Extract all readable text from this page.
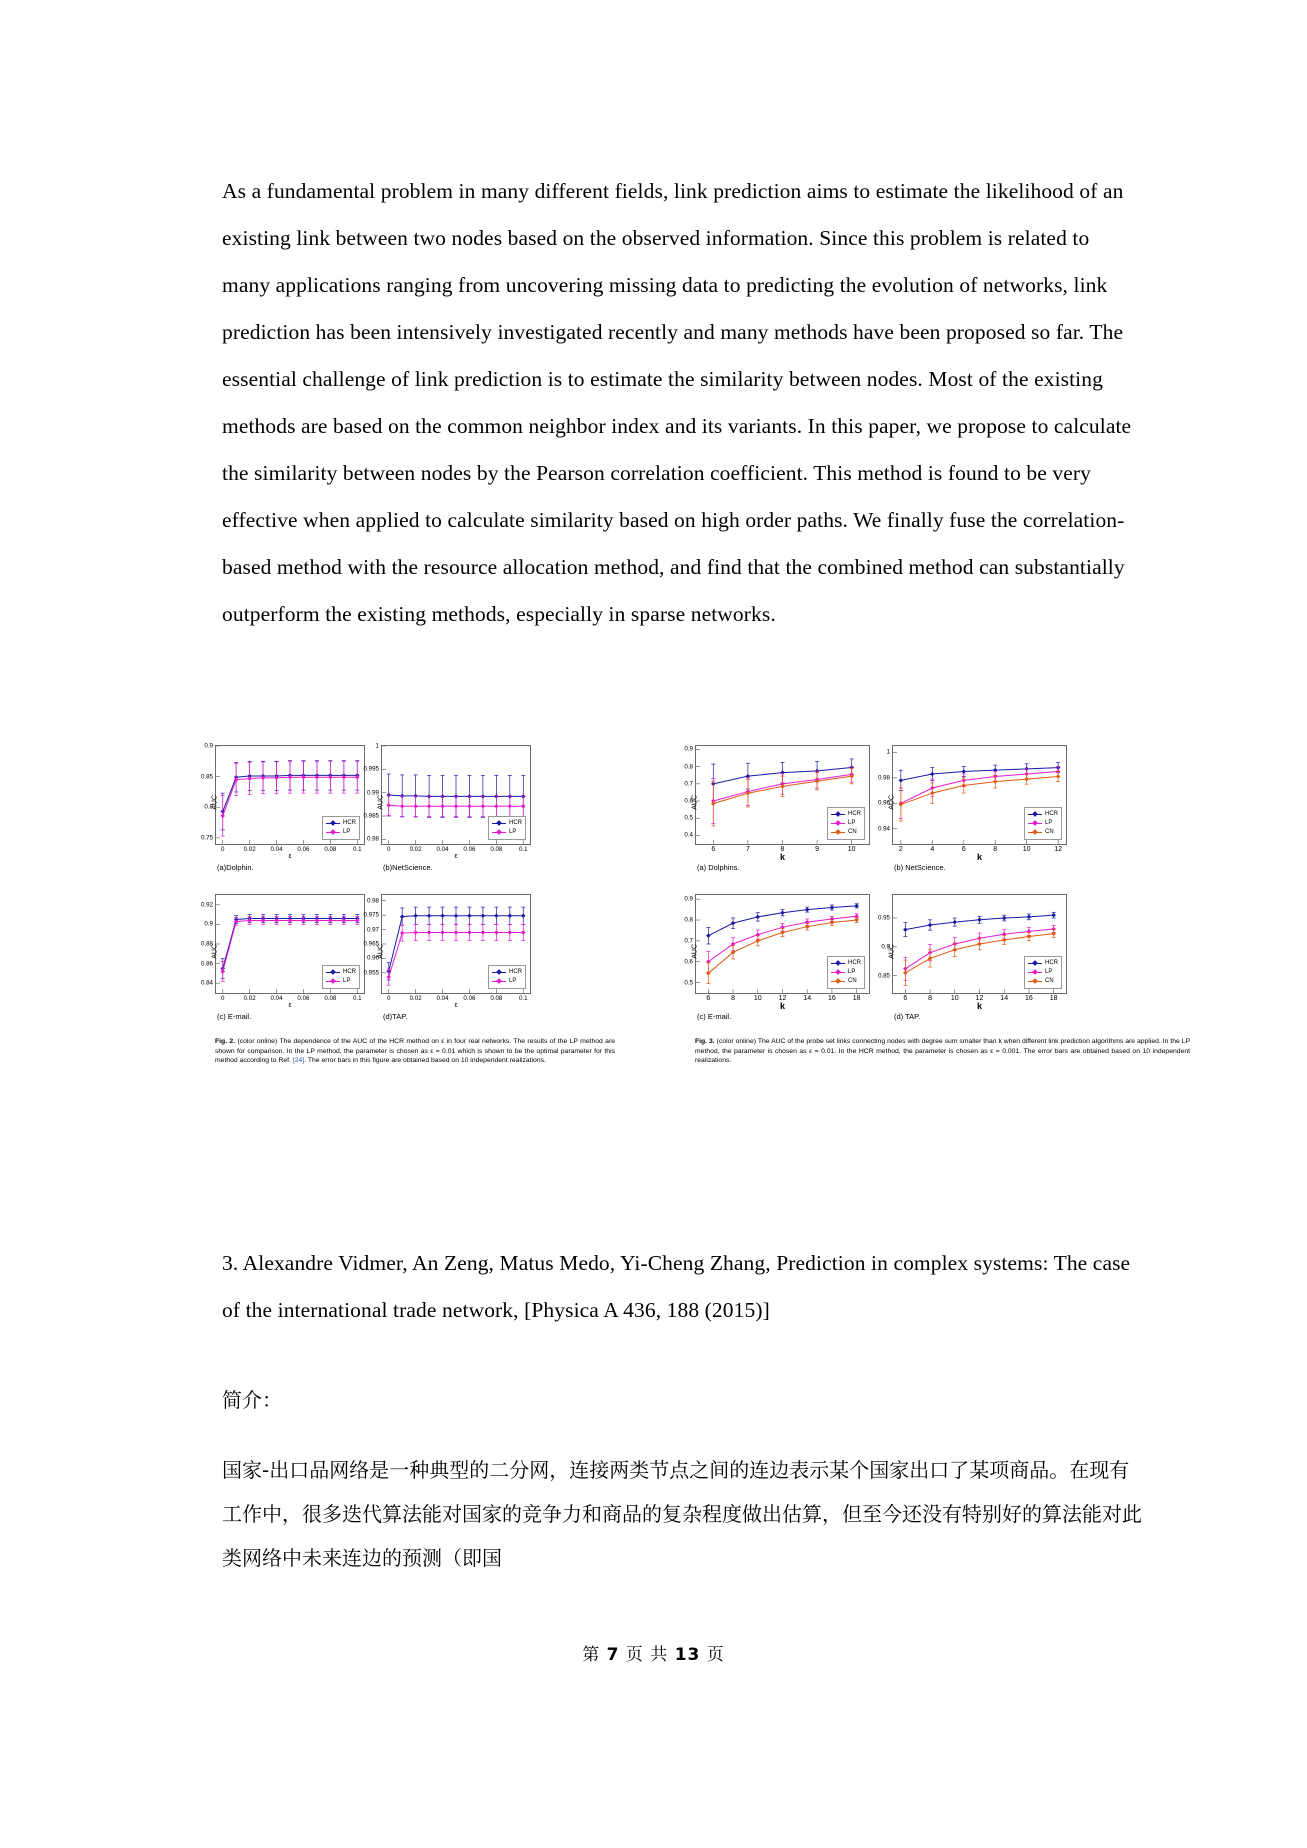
As a fundamental problem in many different fields, link prediction aims to estimate the likelihood of an existing link between two nodes based on the observed information. Since this problem is related to many applications ranging from uncovering missing data to predicting the evolution of networks, link prediction has been intensively investigated recently and many methods have been proposed so far. The essential challenge of link prediction is to estimate the similarity between nodes. Most of the existing methods are based on the common neighbor index and its variants. In this paper, we propose to calculate the similarity between nodes by the Pearson correlation coefficient. This method is found to be very effective when applied to calculate similarity based on high order paths. We finally fuse the correlation-based method with the resource allocation method, and find that the combined method can substantially outperform the existing methods, especially in sparse networks.

AUC
ε
0.75
0.8
0.85
0.9
0	0.02 0.04 0.06 0.08	0.1
HCR
LP
(a)Dolphin.
AUC
ε
0.98
0.985
0.99
0.995
1
0	0.02 0.04 0.06 0.08	0.1
HCR
LP
(b)NetScience.
AUC
ε
0.84
0.86
0.88
0.9
0.92
0	0.02 0.04 0.06 0.08	0.1
HCR
LP
(c) E-mail.
AUC
ε
0.955
0.96
0.965
0.97
0.975
0.98
0	0.02 0.04 0.06 0.08	0.1
HCR
LP
(d)TAP.
Fig. 2. (color online) The dependence of the AUC of the HCR method on ε in four real networks. The results of the LP method are shown for comparison. In the LP method, the parameter is chosen as ε = 0.01 which is shown to be the optimal parameter for this method according to Ref. [24]. The error bars in this figure are obtained based on 10 independent realizations.
AUC
k
0.4
0.5
0.6
0.7
0.8
0.9
6	7	8	9	10
HCR
LP
CN
(a) Dolphins.
AUC
k
0.94
0.96
0.98
1
2	4	6	8	10	12
HCR
LP
CN
(b) NetScience.
AUC
k
0.5
0.6
0.7
0.8
0.9
6	8	10 12 14 16 18
HCR
LP
CN
(c) E-mail.
AUC
k
0.85
0.9
0.95
6	8	10 12 14 16 18
HCR
LP
CN
(d) TAP.
Fig. 3. (color online) The AUC of the probe set links connecting nodes with degree sum smaller than k when different link prediction algorithms are applied. In the LP method, the parameter is chosen as ε = 0.01. In the HCR method, the parameter is chosen as ε = 0.001. The error bars are obtained based on 10 independent realizations.

3. Alexandre Vidmer, An Zeng, Matus Medo, Yi-Cheng Zhang, Prediction in complex systems: The case of the international trade network, [Physica A 436, 188 (2015)]

简介：

国家-出口品网络是一种典型的二分网，连接两类节点之间的连边表示某个国家出口了某项商品。在现有工作中，很多迭代算法能对国家的竞争力和商品的复杂程度做出估算，但至今还没有特别好的算法能对此类网络中未来连边的预测（即国

第 7 页 共 13 页
